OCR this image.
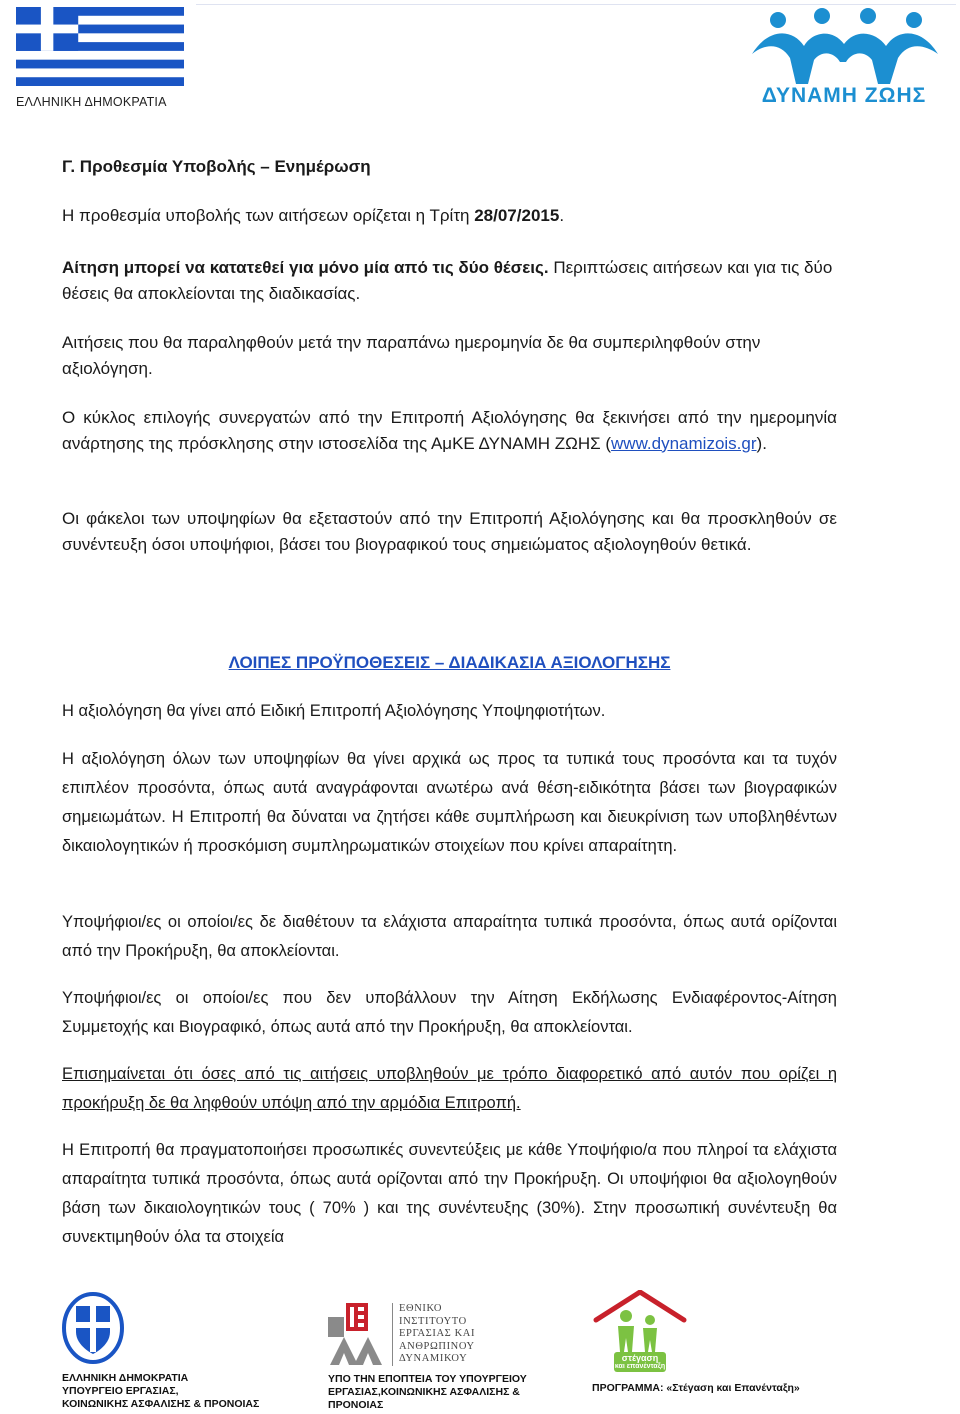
ΕΛΛΗΝΙΚΗ ΔΗΜΟΚΡΑΤΙΑ	ΔΥΝΑΜΗ ΖΩΗΣ

Γ. Προθεσμία Υποβολής – Ενημέρωση

Η προθεσμία υποβολής των αιτήσεων ορίζεται η Τρίτη 28/07/2015.

Αίτηση μπορεί να κατατεθεί για μόνο μία από τις δύο θέσεις. Περιπτώσεις αιτήσεων και για τις δύο θέσεις θα αποκλείονται της διαδικασίας.

Αιτήσεις που θα παραληφθούν μετά την παραπάνω ημερομηνία δε θα συμπεριληφθούν στην αξιολόγηση.

Ο κύκλος επιλογής συνεργατών από την Επιτροπή Αξιολόγησης θα ξεκινήσει από την ημερομηνία ανάρτησης της πρόσκλησης στην ιστοσελίδα της ΑμΚΕ ΔΥΝΑΜΗ ΖΩΗΣ (www.dynamizois.gr).

Οι φάκελοι των υποψηφίων θα εξεταστούν από την Επιτροπή Αξιολόγησης και θα προσκληθούν σε συνέντευξη όσοι υποψήφιοι, βάσει του βιογραφικού τους σημειώματος αξιολογηθούν θετικά.

ΛΟΙΠΕΣ ΠΡΟΫΠΟΘΕΣΕΙΣ – ΔΙΑΔΙΚΑΣΙΑ ΑΞΙΟΛΟΓΗΣΗΣ

Η αξιολόγηση θα γίνει από Ειδική Επιτροπή Αξιολόγησης Υποψηφιοτήτων.

Η αξιολόγηση όλων των υποψηφίων θα γίνει αρχικά ως προς τα τυπικά τους προσόντα και τα τυχόν επιπλέον προσόντα, όπως αυτά αναγράφονται ανωτέρω ανά θέση-ειδικότητα βάσει των βιογραφικών σημειωμάτων. Η Επιτροπή θα δύναται να ζητήσει κάθε συμπλήρωση και διευκρίνιση των υποβληθέντων δικαιολογητικών ή προσκόμιση συμπληρωματικών στοιχείων που κρίνει απαραίτητη.

Υποψήφιοι/ες οι οποίοι/ες δε διαθέτουν τα ελάχιστα απαραίτητα τυπικά προσόντα, όπως αυτά ορίζονται από την Προκήρυξη, θα αποκλείονται.

Υποψήφιοι/ες οι οποίοι/ες που δεν υποβάλλουν την Αίτηση Εκδήλωσης Ενδιαφέροντος-Αίτηση Συμμετοχής και Βιογραφικό, όπως αυτά από την Προκήρυξη, θα αποκλείονται.

Επισημαίνεται ότι όσες από τις αιτήσεις υποβληθούν με τρόπο διαφορετικό από αυτόν που ορίζει η προκήρυξη δε θα ληφθούν υπόψη από την αρμόδια Επιτροπή.

Η Επιτροπή θα πραγματοποιήσει προσωπικές συνεντεύξεις με κάθε Υποψήφιο/α που πληροί τα ελάχιστα απαραίτητα τυπικά προσόντα, όπως αυτά ορίζονται από την Προκήρυξη. Οι υποψήφιοι θα αξιολογηθούν βάση των δικαιολογητικών τους ( 70% ) και της συνέντευξης (30%). Στην προσωπική συνέντευξη θα συνεκτιμηθούν όλα τα στοιχεία

ΕΛΛΗΝΙΚΗ ΔΗΜΟΚΡΑΤΙΑ
ΥΠΟΥΡΓΕΙΟ ΕΡΓΑΣΙΑΣ,
ΚΟΙΝΩΝΙΚΗΣ ΑΣΦΑΛΙΣΗΣ & ΠΡΟΝΟΙΑΣ
ΕΘΝΙΚΟ
ΙΝΣΤΙΤΟΥΤΟ
ΕΡΓΑΣΙΑΣ ΚΑΙ
ΑΝΘΡΩΠΙΝΟΥ
ΔΥΝΑΜΙΚΟΥ
ΥΠΟ ΤΗΝ ΕΠΟΠΤΕΙΑ ΤΟΥ ΥΠΟΥΡΓΕΙΟΥ
ΕΡΓΑΣΙΑΣ,ΚΟΙΝΩΝΙΚΗΣ ΑΣΦΑΛΙΣΗΣ &
ΠΡΟΝΟΙΑΣ
στέγαση
και επανένταξη
ΠΡΟΓΡΑΜΜΑ: «Στέγαση και Επανένταξη»
